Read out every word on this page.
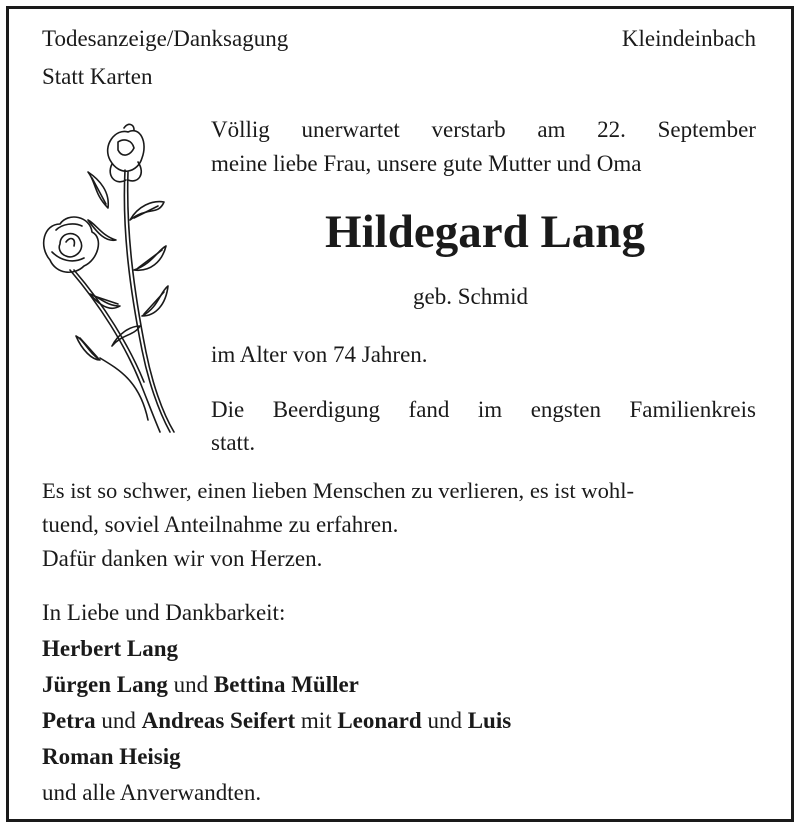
Todesanzeige/Danksagung	Kleindeinbach
Statt Karten
Völlig unerwartet verstarb am 22. September
meine liebe Frau, unsere gute Mutter und Oma
Hildegard Lang
geb. Schmid
im Alter von 74 Jahren.
Die Beerdigung fand im engsten Familienkreis
statt.
Es ist so schwer, einen lieben Menschen zu verlieren, es ist wohl-
tuend, soviel Anteilnahme zu erfahren.
Dafür danken wir von Herzen.
In Liebe und Dankbarkeit:
Herbert Lang
Jürgen Lang und Bettina Müller
Petra und Andreas Seifert mit Leonard und Luis
Roman Heisig
und alle Anverwandten.
